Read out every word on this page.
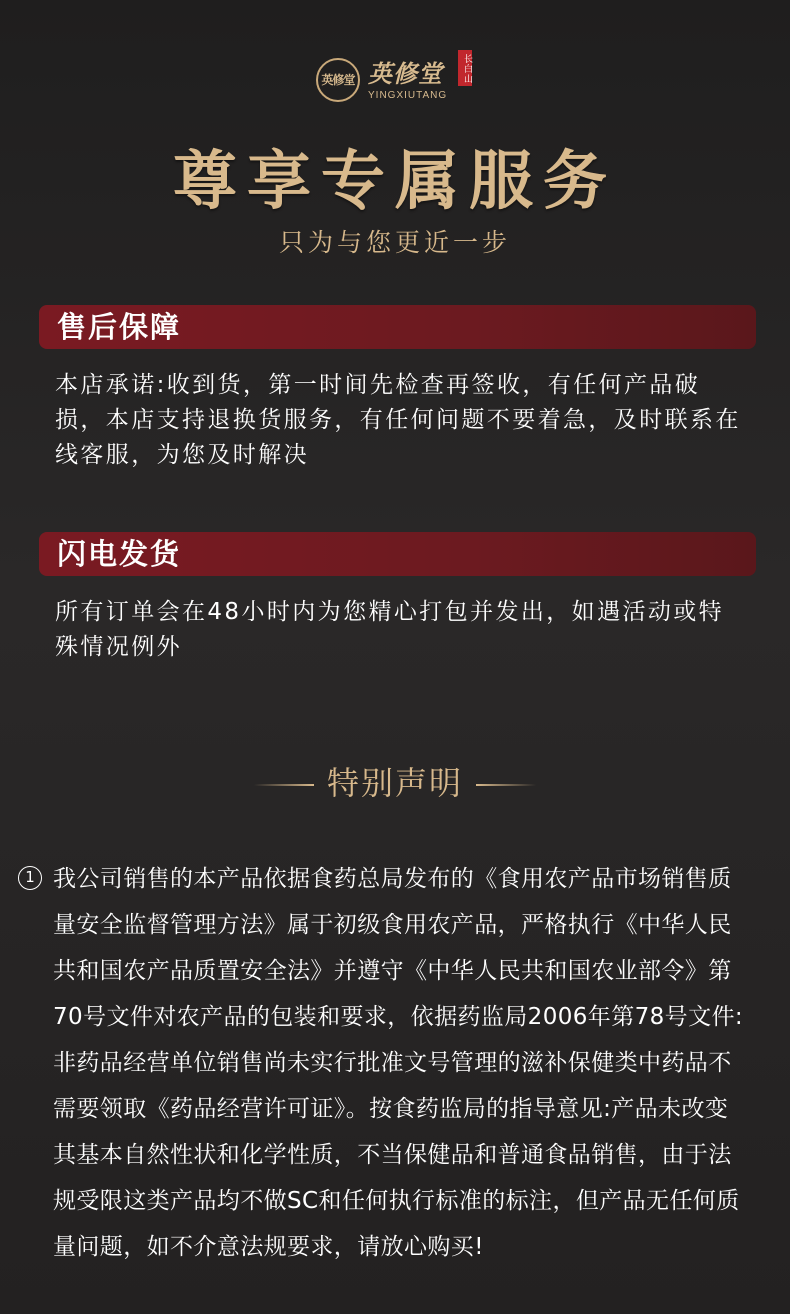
英修堂 英修堂
YINGXIUTANG
长白山
尊享专属服务
只为与您更近一步
售后保障
本店承诺:收到货，第一时间先检查再签收，有任何产品破损，本店支持退换货服务，有任何问题不要着急，及时联系在线客服，为您及时解决
闪电发货
所有订单会在48小时内为您精心打包并发出，如遇活动或特殊情况例外
特别声明
1 我公司销售的本产品依据食药总局发布的《食用农产品市场销售质量安全监督管理方法》属于初级食用农产品，严格执行《中华人民共和国农产品质置安全法》并遵守《中华人民共和国农业部令》第70号文件对农产品的包装和要求，依据药监局2006年第78号文件:非药品经营单位销售尚未实行批准文号管理的滋补保健类中药品不需要领取《药品经营许可证》。按食药监局的指导意见:产品未改变其基本自然性状和化学性质，不当保健品和普通食品销售，由于法规受限这类产品均不做SC和任何执行标准的标注，但产品无任何质量问题，如不介意法规要求，请放心购买!
